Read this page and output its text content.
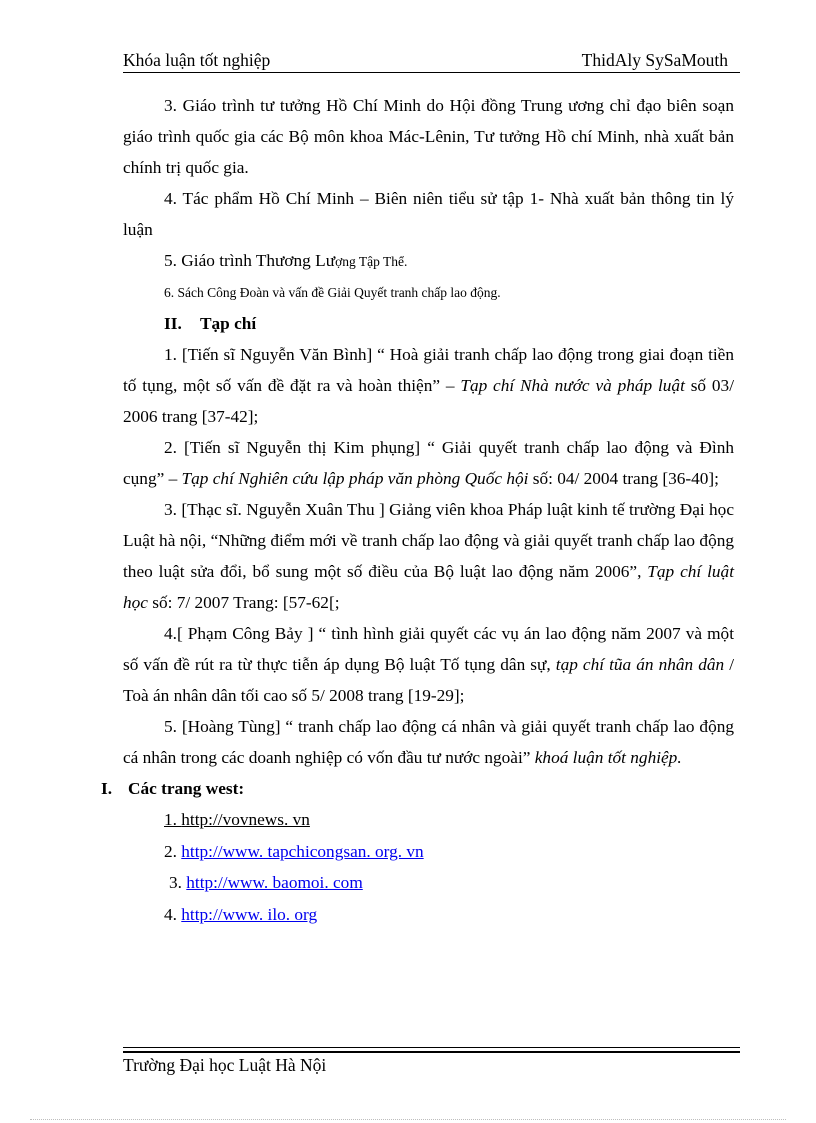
Khóa luận tốt nghiệp	ThidAly SySaMouth

3. Giáo trình tư tưởng Hồ Chí Minh do Hội đồng Trung ương chỉ đạo biên soạn giáo trình quốc gia các Bộ môn khoa Mác-Lênin, Tư tưởng Hồ chí Minh, nhà xuất bản chính trị quốc gia.

4. Tác phẩm Hồ Chí Minh – Biên niên tiểu sử tập 1- Nhà xuất bản thông tin lý luận

5. Giáo trình Thương Lượng Tập Thể.

6. Sách Công Đoàn và vấn đề Giải Quyết tranh chấp lao động.

II. Tạp chí

1. [Tiến sĩ Nguyễn Văn Bình] “ Hoà giải tranh chấp lao động trong giai đoạn tiền tố tụng, một số vấn đề đặt ra và hoàn thiện” – Tạp chí Nhà nước và pháp luật số 03/ 2006 trang [37-42];

2. [Tiến sĩ Nguyễn thị Kim phụng] “ Giải quyết tranh chấp lao động và Đình cụng” – Tạp chí Nghiên cứu lập pháp văn phòng Quốc hội số: 04/ 2004 trang [36-40];

3. [Thạc sĩ. Nguyễn Xuân Thu ] Giảng viên khoa Pháp luật kinh tế trường Đại học Luật hà nội, “Những điểm mới về tranh chấp lao động và giải quyết tranh chấp lao động theo luật sửa đổi, bổ sung một số điều của Bộ luật lao động năm 2006”, Tạp chí luật học số: 7/ 2007 Trang: [57-62[;

4.[ Phạm Công Bảy ] “ tình hình giải quyết các vụ án lao động năm 2007 và một số vấn đề rút ra từ thực tiễn áp dụng Bộ luật Tố tụng dân sự, tạp chí tũa án nhân dân / Toà án nhân dân tối cao số 5/ 2008 trang [19-29];

5. [Hoàng Tùng] “ tranh chấp lao động cá nhân và giải quyết tranh chấp lao động cá nhân trong các doanh nghiệp có vốn đầu tư nước ngoài” khoá luận tốt nghiệp.

I. Các trang west:

1. http://vovnews. vn

2. http://www. tapchicongsan. org. vn

3. http://www. baomoi. com

4. http://www. ilo. org

Trường Đại học Luật Hà Nội
